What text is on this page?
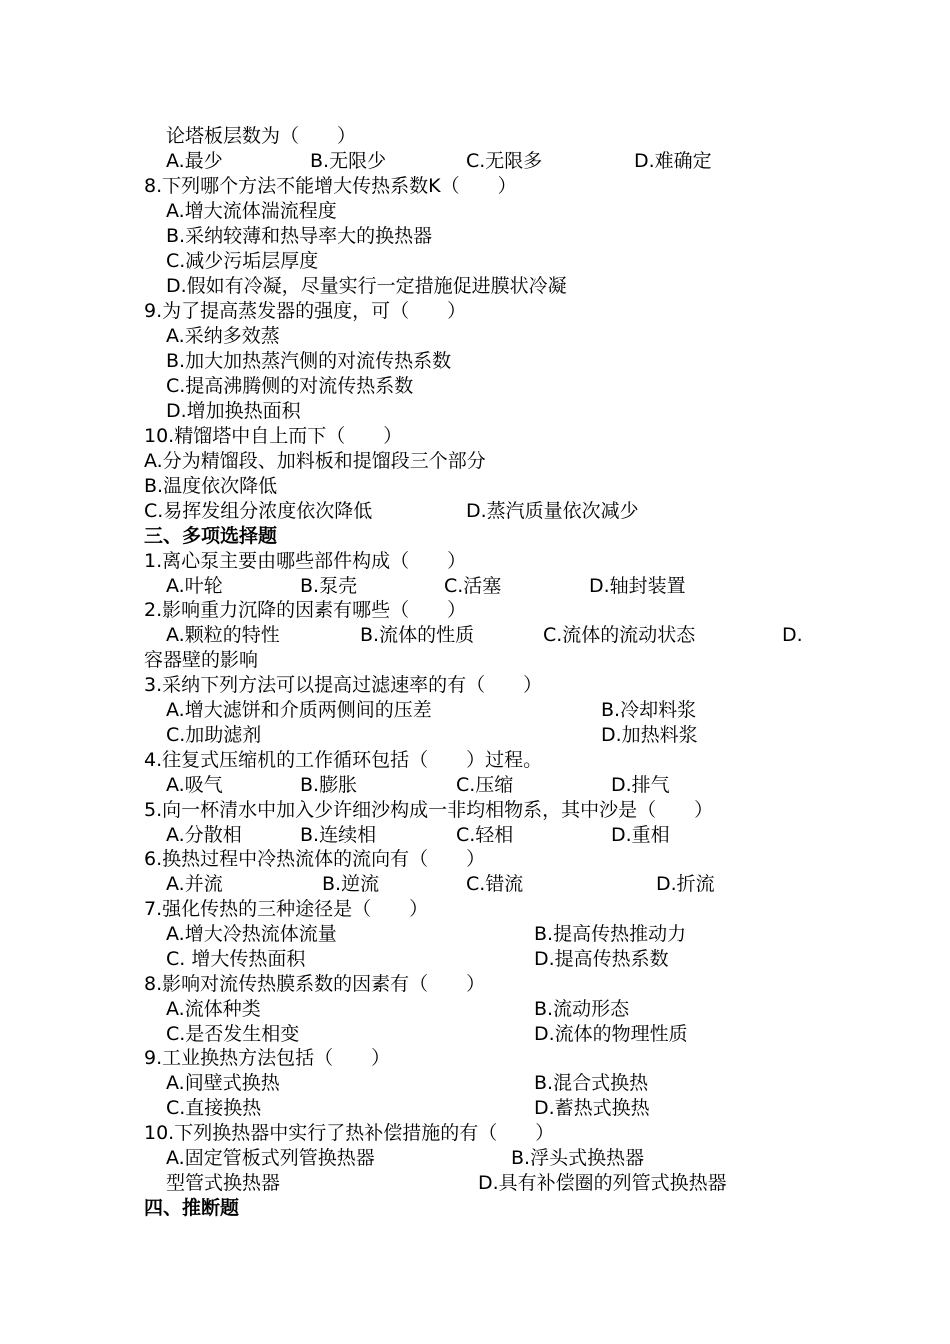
论塔板层数为（　　）
A.最少	B.无限少	C.无限多	D.难确定
8.下列哪个方法不能增大传热系数K（　　）
A.增大流体湍流程度
B.采纳较薄和热导率大的换热器
C.减少污垢层厚度
D.假如有冷凝，尽量实行一定措施促进膜状冷凝
9.为了提高蒸发器的强度，可（　　）
A.采纳多效蒸
B.加大加热蒸汽侧的对流传热系数
C.提高沸腾侧的对流传热系数
D.增加换热面积
10.精馏塔中自上而下（　　）
A.分为精馏段、加料板和提馏段三个部分
B.温度依次降低
C.易挥发组分浓度依次降低	D.蒸汽质量依次减少
三、多项选择题
1.离心泵主要由哪些部件构成（　　）
A.叶轮	B.泵壳	C.活塞	D.轴封装置
2.影响重力沉降的因素有哪些（　　）
A.颗粒的特性	B.流体的性质	C.流体的流动状态	D.
容器壁的影响
3.采纳下列方法可以提高过滤速率的有（　　）
A.增大滤饼和介质两侧间的压差	B.冷却料浆
C.加助滤剂	D.加热料浆
4.往复式压缩机的工作循环包括（　　）过程。
A.吸气	B.膨胀	C.压缩	D.排气
5.向一杯清水中加入少许细沙构成一非均相物系，其中沙是（　　）
A.分散相	B.连续相	C.轻相	D.重相
6.换热过程中冷热流体的流向有（　　）
A.并流	B.逆流	C.错流	D.折流
7.强化传热的三种途径是（　　）
A.增大冷热流体流量	B.提高传热推动力
C. 增大传热面积	D.提高传热系数
8.影响对流传热膜系数的因素有（　　）
A.流体种类	B.流动形态
C.是否发生相变	D.流体的物理性质
9.工业换热方法包括（　　）
A.间壁式换热	B.混合式换热
C.直接换热	D.蓄热式换热
10.下列换热器中实行了热补偿措施的有（　　）
A.固定管板式列管换热器	B.浮头式换热器
型管式换热器	D.具有补偿圈的列管式换热器
四、推断题
